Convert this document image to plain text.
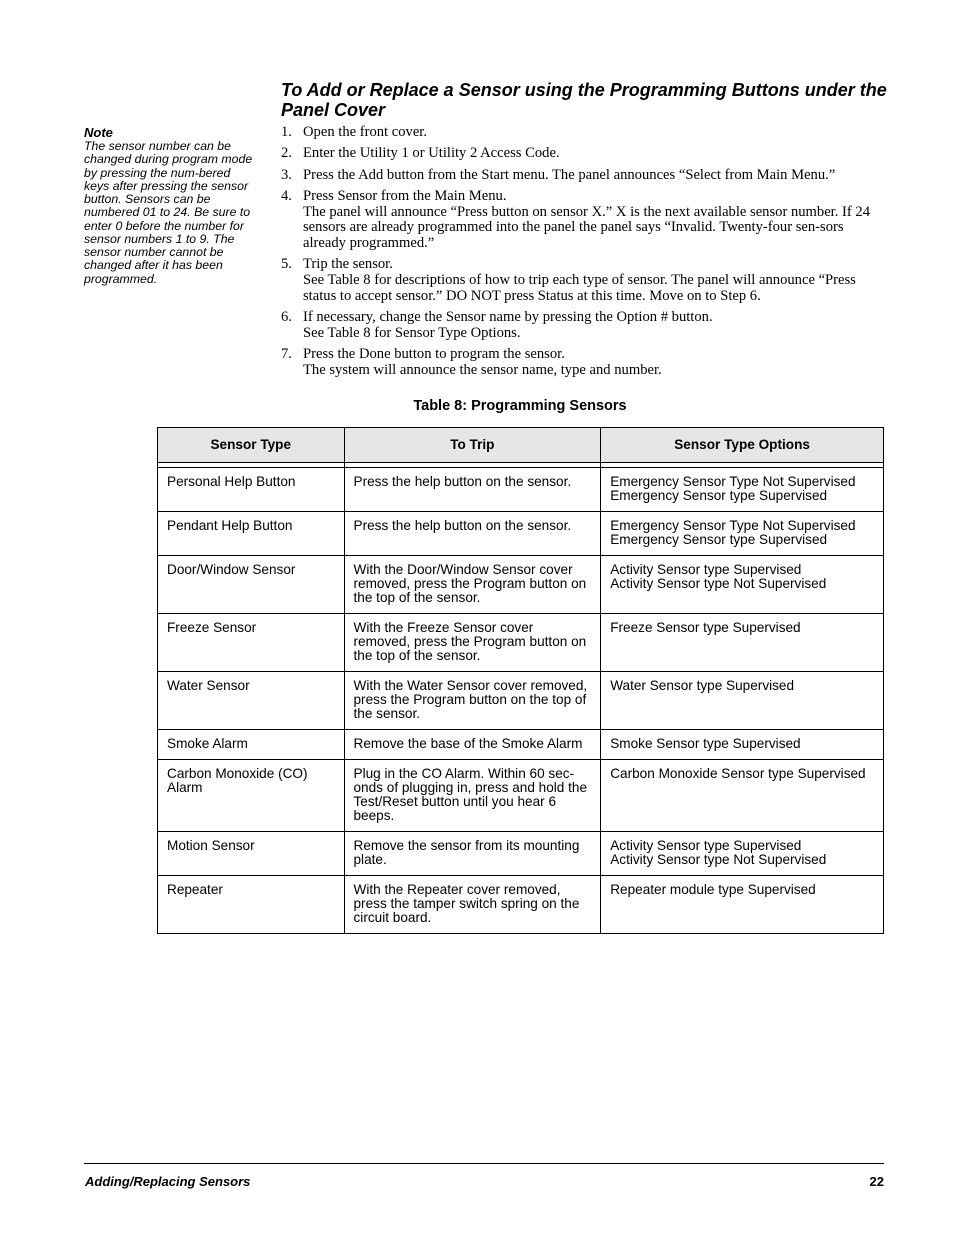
To Add or Replace a Sensor using the Programming Buttons under the Panel Cover
Note
The sensor number can be changed during program mode by pressing the num-bered keys after pressing the sensor button. Sensors can be numbered 01 to 24. Be sure to enter 0 before the number for sensor numbers 1 to 9. The sensor number cannot be changed after it has been programmed.
1. Open the front cover.
2. Enter the Utility 1 or Utility 2 Access Code.
3. Press the Add button from the Start menu. The panel announces “Select from Main Menu.”
4. Press Sensor from the Main Menu.
The panel will announce “Press button on sensor X.” X is the next available sensor number. If 24 sensors are already programmed into the panel the panel says “Invalid. Twenty-four sen-sors already programmed.”
5. Trip the sensor.
See Table 8 for descriptions of how to trip each type of sensor. The panel will announce “Press status to accept sensor.” DO NOT press Status at this time. Move on to Step 6.
6. If necessary, change the Sensor name by pressing the Option # button.
See Table 8 for Sensor Type Options.
7. Press the Done button to program the sensor.
The system will announce the sensor name, type and number.
Table 8: Programming Sensors
Sensor Type	To Trip	Sensor Type Options

Personal Help Button	Press the help button on the sensor.	Emergency Sensor Type Not Supervised
Emergency Sensor type Supervised

Pendant Help Button	Press the help button on the sensor.	Emergency Sensor Type Not Supervised
Emergency Sensor type Supervised

Door/Window Sensor	With the Door/Window Sensor cover removed, press the Program button on the top of the sensor.	Activity Sensor type Supervised
Activity Sensor type Not Supervised

Freeze Sensor	With the Freeze Sensor cover removed, press the Program button on the top of the sensor.	Freeze Sensor type Supervised

Water Sensor	With the Water Sensor cover removed, press the Program button on the top of the sensor.	Water Sensor type Supervised

Smoke Alarm	Remove the base of the Smoke Alarm	Smoke Sensor type Supervised

Carbon Monoxide (CO) Alarm	Plug in the CO Alarm. Within 60 sec-onds of plugging in, press and hold the Test/Reset button until you hear 6 beeps.	Carbon Monoxide Sensor type Supervised

Motion Sensor	Remove the sensor from its mounting plate.	Activity Sensor type Supervised
Activity Sensor type Not Supervised

Repeater	With the Repeater cover removed, press the tamper switch spring on the circuit board.	Repeater module type Supervised
Adding/Replacing Sensors	22
